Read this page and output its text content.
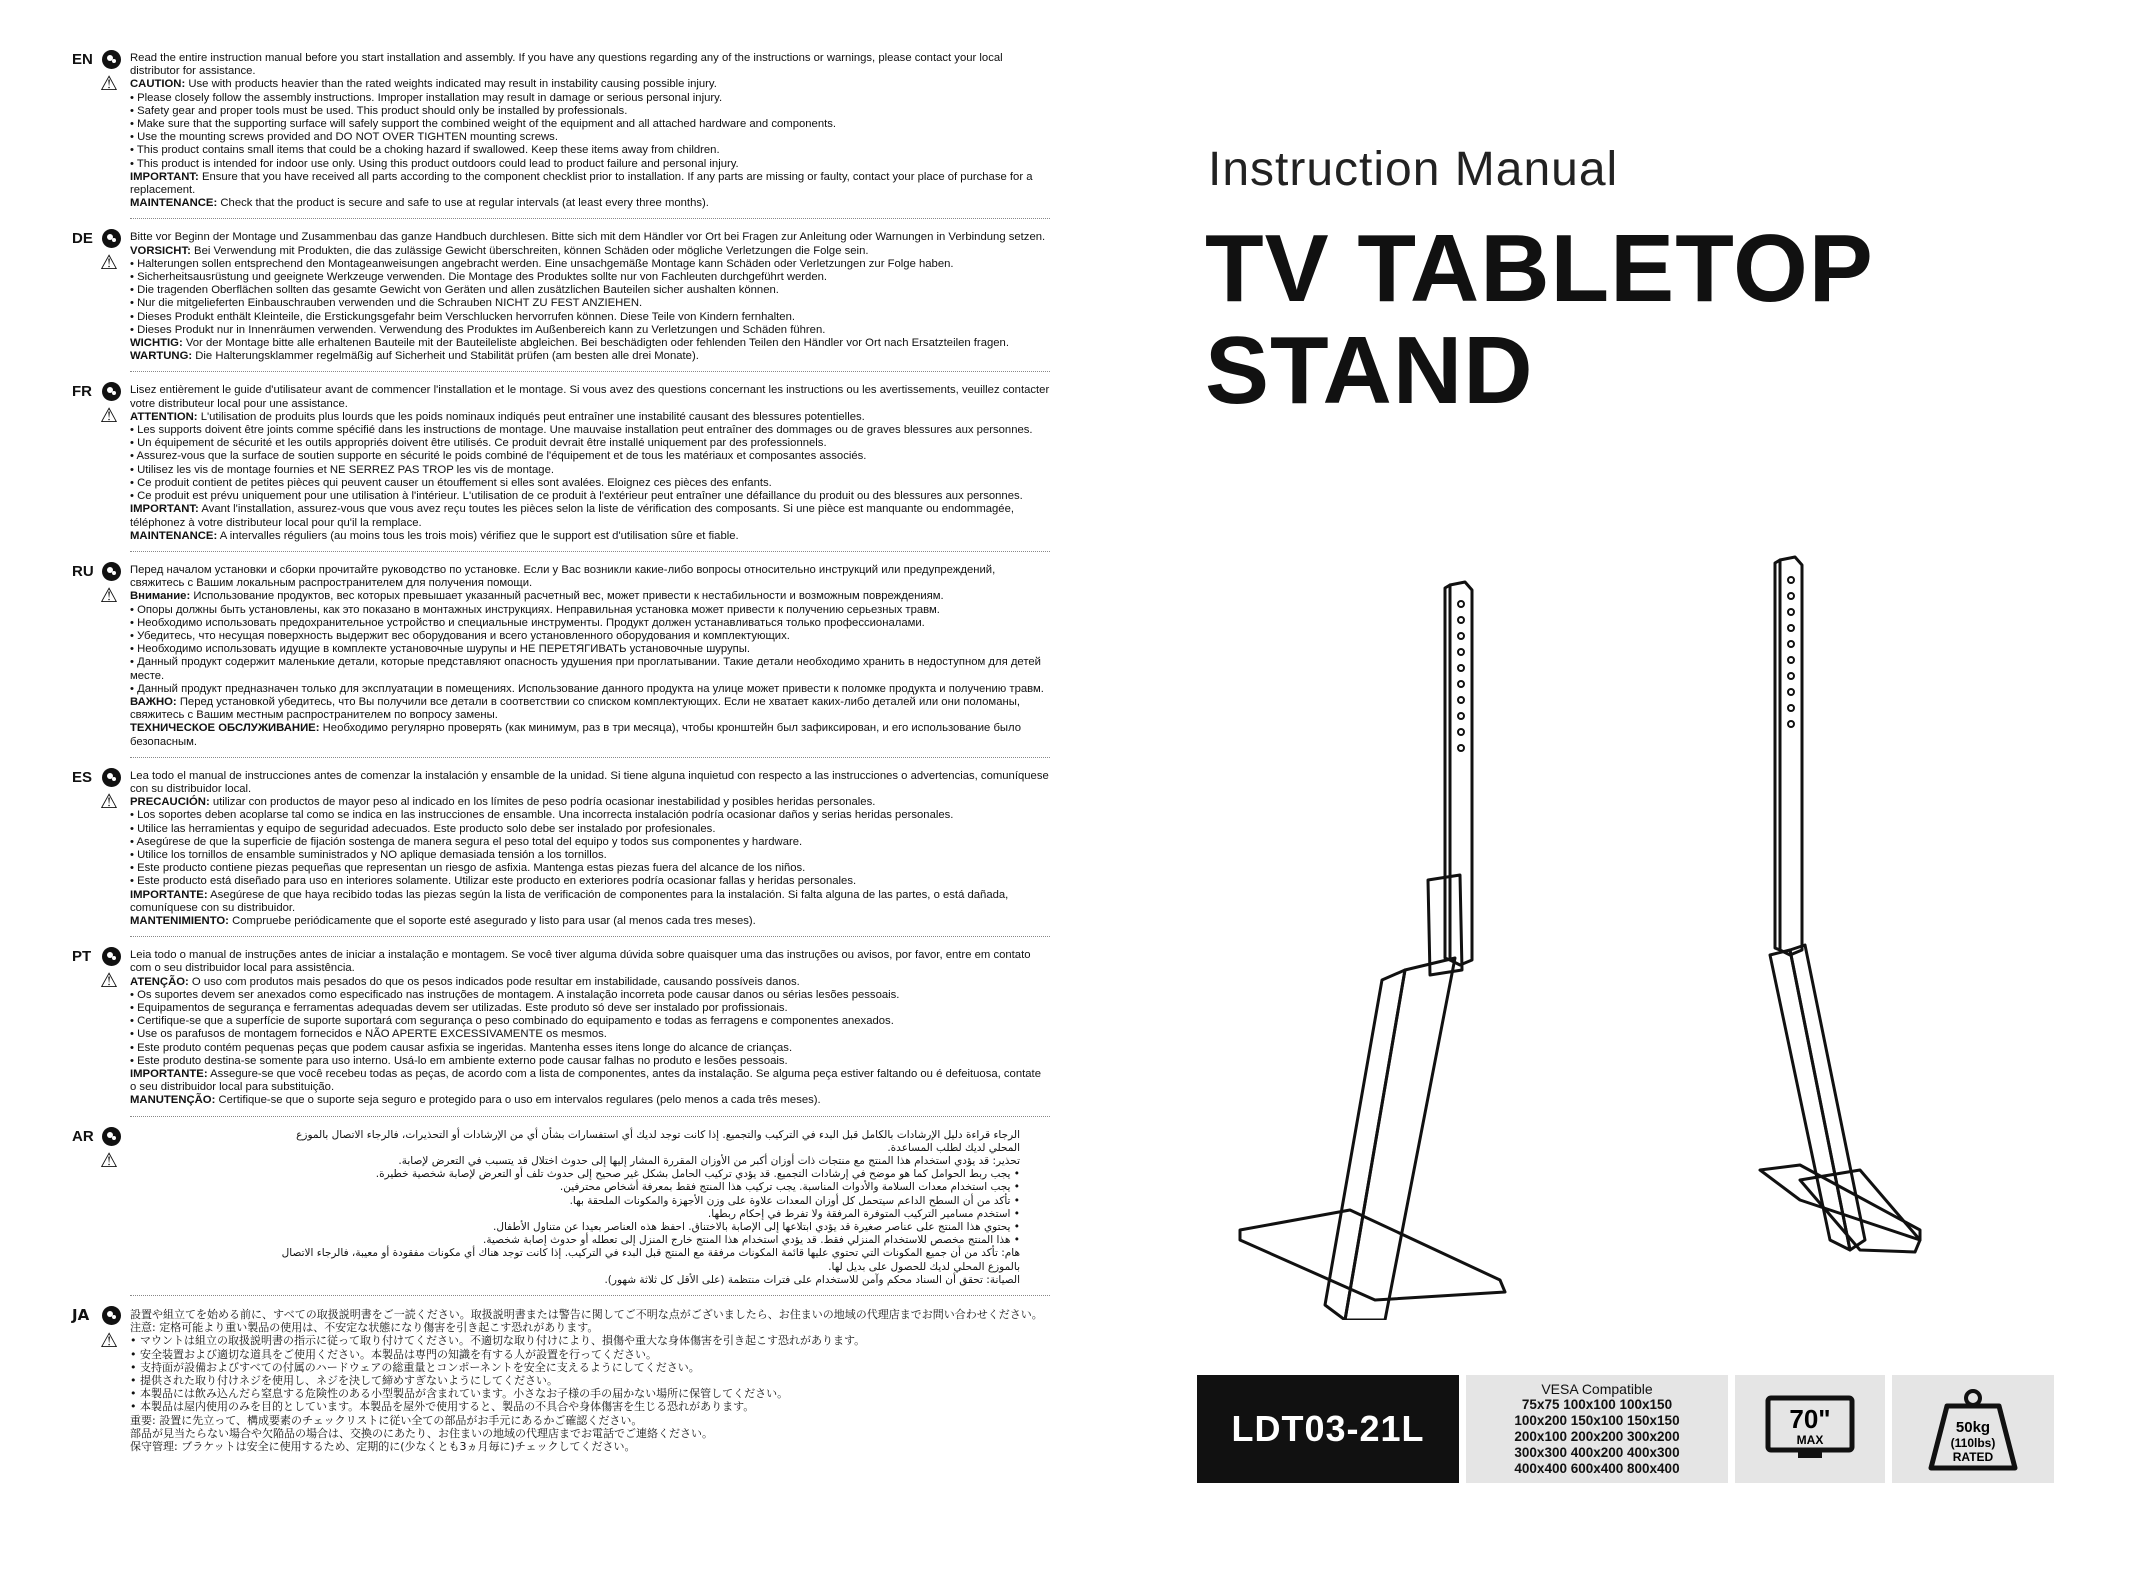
EN
⚠

Read the entire instruction manual before you start installation and assembly. If you have any questions regarding any of the instructions or warnings, please contact your local distributor for assistance.

CAUTION: Use with products heavier than the rated weights indicated may result in instability causing possible injury.

• Please closely follow the assembly instructions. Improper installation may result in damage or serious personal injury.

• Safety gear and proper tools must be used. This product should only be installed by professionals.

• Make sure that the supporting surface will safely support the combined weight of the equipment and all attached hardware and components.

• Use the mounting screws provided and DO NOT OVER TIGHTEN mounting screws.

• This product contains small items that could be a choking hazard if swallowed. Keep these items away from children.

• This product is intended for indoor use only. Using this product outdoors could lead to product failure and personal injury.

IMPORTANT: Ensure that you have received all parts according to the component checklist prior to installation. If any parts are missing or faulty, contact your place of purchase for a replacement.

MAINTENANCE: Check that the product is secure and safe to use at regular intervals (at least every three months).

DE
⚠

Bitte vor Beginn der Montage und Zusammenbau das ganze Handbuch durchlesen. Bitte sich mit dem Händler vor Ort bei Fragen zur Anleitung oder Warnungen in Verbindung setzen.

VORSICHT: Bei Verwendung mit Produkten, die das zulässige Gewicht überschreiten, können Schäden oder mögliche Verletzungen die Folge sein.

• Halterungen sollen entsprechend den Montageanweisungen angebracht werden. Eine unsachgemäße Montage kann Schäden oder Verletzungen zur Folge haben.

• Sicherheitsausrüstung und geeignete Werkzeuge verwenden. Die Montage des Produktes sollte nur von Fachleuten durchgeführt werden.

• Die tragenden Oberflächen sollten das gesamte Gewicht von Geräten und allen zusätzlichen Bauteilen sicher aushalten können.

• Nur die mitgelieferten Einbauschrauben verwenden und die Schrauben NICHT ZU FEST ANZIEHEN.

• Dieses Produkt enthält Kleinteile, die Erstickungsgefahr beim Verschlucken hervorrufen können. Diese Teile von Kindern fernhalten.

• Dieses Produkt nur in Innenräumen verwenden. Verwendung des Produktes im Außenbereich kann zu Verletzungen und Schäden führen.

WICHTIG: Vor der Montage bitte alle erhaltenen Bauteile mit der Bauteileliste abgleichen. Bei beschädigten oder fehlenden Teilen den Händler vor Ort nach Ersatzteilen fragen.

WARTUNG: Die Halterungsklammer regelmäßig auf Sicherheit und Stabilität prüfen (am besten alle drei Monate).

FR
⚠

Lisez entièrement le guide d'utilisateur avant de commencer l'installation et le montage. Si vous avez des questions concernant les instructions ou les avertissements, veuillez contacter votre distributeur local pour une assistance.

ATTENTION: L'utilisation de produits plus lourds que les poids nominaux indiqués peut entraîner une instabilité causant des blessures potentielles.

• Les supports doivent être joints comme spécifié dans les instructions de montage. Une mauvaise installation peut entraîner des dommages ou de graves blessures aux personnes.

• Un équipement de sécurité et les outils appropriés doivent être utilisés. Ce produit devrait être installé uniquement par des professionnels.

• Assurez-vous que la surface de soutien supporte en sécurité le poids combiné de l'équipement et de tous les matériaux et composantes associés.

• Utilisez les vis de montage fournies et NE SERREZ PAS TROP les vis de montage.

• Ce produit contient de petites pièces qui peuvent causer un étouffement si elles sont avalées. Eloignez ces pièces des enfants.

• Ce produit est prévu uniquement pour une utilisation à l'intérieur. L'utilisation de ce produit à l'extérieur peut entraîner une défaillance du produit ou des blessures aux personnes.

IMPORTANT: Avant l'installation, assurez-vous que vous avez reçu toutes les pièces selon la liste de vérification des composants. Si une pièce est manquante ou endommagée, téléphonez à votre distributeur local pour qu'il la remplace.

MAINTENANCE: A intervalles réguliers (au moins tous les trois mois) vérifiez que le support est d'utilisation sûre et fiable.

RU
⚠

Перед началом установки и сборки прочитайте руководство по установке. Если у Вас возникли какие-либо вопросы относительно инструкций или предупреждений, свяжитесь с Вашим локальным распространителем для получения помощи.

Внимание: Использование продуктов, вес которых превышает указанный расчетный вес, может привести к нестабильности и возможным повреждениям.

• Опоры должны быть установлены, как это показано в монтажных инструкциях. Неправильная установка может привести к получению серьезных травм.

• Необходимо использовать предохранительное устройство и специальные инструменты. Продукт должен устанавливаться только профессионалами.

• Убедитесь, что несущая поверхность выдержит вес оборудования и всего установленного оборудования и комплектующих.

• Необходимо использовать идущие в комплекте установочные шурупы и НЕ ПЕРЕТЯГИВАТЬ установочные шурупы.

• Данный продукт содержит маленькие детали, которые представляют опасность удушения при проглатывании. Такие детали необходимо хранить в недоступном для детей месте.

• Данный продукт предназначен только для эксплуатации в помещениях. Использование данного продукта на улице может привести к поломке продукта и получению травм.

ВАЖНО: Перед установкой убедитесь, что Вы получили все детали в соответствии со списком комплектующих. Если не хватает каких-либо деталей или они поломаны, свяжитесь с Вашим местным распространителем по вопросу замены.

ТЕХНИЧЕСКОЕ ОБСЛУЖИВАНИЕ: Необходимо регулярно проверять (как минимум, раз в три месяца), чтобы кронштейн был зафиксирован, и его использование было безопасным.

ES
⚠

Lea todo el manual de instrucciones antes de comenzar la instalación y ensamble de la unidad. Si tiene alguna inquietud con respecto a las instrucciones o advertencias, comuníquese con su distribuidor local.

PRECAUCIÓN: utilizar con productos de mayor peso al indicado en los límites de peso podría ocasionar inestabilidad y posibles heridas personales.

• Los soportes deben acoplarse tal como se indica en las instrucciones de ensamble. Una incorrecta instalación podría ocasionar daños y serias heridas personales.

• Utilice las herramientas y equipo de seguridad adecuados. Este producto solo debe ser instalado por profesionales.

• Asegúrese de que la superficie de fijación sostenga de manera segura el peso total del equipo y todos sus componentes y hardware.

• Utilice los tornillos de ensamble suministrados y NO aplique demasiada tensión a los tornillos.

• Este producto contiene piezas pequeñas que representan un riesgo de asfixia. Mantenga estas piezas fuera del alcance de los niños.

• Este producto está diseñado para uso en interiores solamente. Utilizar este producto en exteriores podría ocasionar fallas y heridas personales.

IMPORTANTE: Asegúrese de que haya recibido todas las piezas según la lista de verificación de componentes para la instalación. Si falta alguna de las partes, o está dañada, comuníquese con su distribuidor.

MANTENIMIENTO: Compruebe periódicamente que el soporte esté asegurado y listo para usar (al menos cada tres meses).

PT
⚠

Leia todo o manual de instruções antes de iniciar a instalação e montagem. Se você tiver alguma dúvida sobre quaisquer uma das instruções ou avisos, por favor, entre em contato com o seu distribuidor local para assistência.

ATENÇÃO: O uso com produtos mais pesados do que os pesos indicados pode resultar em instabilidade, causando possíveis danos.

• Os suportes devem ser anexados como especificado nas instruções de montagem. A instalação incorreta pode causar danos ou sérias lesões pessoais.

• Equipamentos de segurança e ferramentas adequadas devem ser utilizadas. Este produto só deve ser instalado por profissionais.

• Certifique-se que a superfície de suporte suportará com segurança o peso combinado do equipamento e todas as ferragens e componentes anexados.

• Use os parafusos de montagem fornecidos e NÃO APERTE EXCESSIVAMENTE os mesmos.

• Este produto contém pequenas peças que podem causar asfixia se ingeridas. Mantenha esses itens longe do alcance de crianças.

• Este produto destina-se somente para uso interno. Usá-lo em ambiente externo pode causar falhas no produto e lesões pessoais.

IMPORTANTE: Assegure-se que você recebeu todas as peças, de acordo com a lista de componentes, antes da instalação. Se alguma peça estiver faltando ou é defeituosa, contate o seu distribuidor local para substituição.

MANUTENÇÃO: Certifique-se que o suporte seja seguro e protegido para o uso em intervalos regulares (pelo menos a cada três meses).

AR
⚠

الرجاء قراءة دليل الإرشادات بالكامل قبل البدء في التركيب والتجميع. إذا كانت توجد لديك أي استفسارات بشأن أي من الإرشادات أو التحذيرات، فالرجاء الاتصال بالموزع المحلي لديك لطلب المساعدة.

تحذير: قد يؤدي استخدام هذا المنتج مع منتجات ذات أوزان أكبر من الأوزان المقررة المشار إليها إلى حدوث اختلال قد يتسبب في التعرض لإصابة.

• يجب ربط الحوامل كما هو موضح في إرشادات التجميع. قد يؤدي تركيب الحامل بشكل غير صحيح إلى حدوث تلف أو التعرض لإصابة شخصية خطيرة.

• يجب استخدام معدات السلامة والأدوات المناسبة. يجب تركيب هذا المنتج فقط بمعرفة أشخاص محترفين.

• تأكد من أن السطح الداعم سيتحمل كل أوزان المعدات علاوة على وزن الأجهزة والمكونات الملحقة بها.

• استخدم مسامير التركيب المتوفرة المرفقة ولا تفرط في إحكام ربطها.

• يحتوي هذا المنتج على عناصر صغيرة قد يؤدي ابتلاعها إلى الإصابة بالاختناق. احفظ هذه العناصر بعيدا عن متناول الأطفال.

• هذا المنتج مخصص للاستخدام المنزلي فقط. قد يؤدي استخدام هذا المنتج خارج المنزل إلى تعطله أو حدوث إصابة شخصية.

هام: تأكد من أن جميع المكونات التي تحتوي عليها قائمة المكونات مرفقة مع المنتج قبل البدء في التركيب. إذا كانت توجد هناك أي مكونات مفقودة أو معيبة، فالرجاء الاتصال بالموزع المحلي لديك للحصول على بديل لها.

الصيانة: تحقق أن السناد محكم وآمن للاستخدام على فترات منتظمة (على الأقل كل ثلاثة شهور).

JA
⚠

設置や組立てを始める前に、すべての取扱説明書をご一読ください。取扱説明書または警告に関してご不明な点がございましたら、お住まいの地域の代理店までお問い合わせください。

注意: 定格可能より重い製品の使用は、不安定な状態になり傷害を引き起こす恐れがあります。

• マウントは組立の取扱説明書の指示に従って取り付けてください。不適切な取り付けにより、損傷や重大な身体傷害を引き起こす恐れがあります。

• 安全装置および適切な道具をご使用ください。本製品は専門の知識を有する人が設置を行ってください。

• 支持面が設備およびすべての付属のハードウェアの総重量とコンポーネントを安全に支えるようにしてください。

• 提供された取り付けネジを使用し、ネジを決して締めすぎないようにしてください。

• 本製品には飲み込んだら窒息する危険性のある小型製品が含まれています。小さなお子様の手の届かない場所に保管してください。

• 本製品は屋内使用のみを目的としています。本製品を屋外で使用すると、製品の不具合や身体傷害を生じる恐れがあります。

重要: 設置に先立って、構成要素のチェックリストに従い全ての部品がお手元にあるかご確認ください。

部品が見当たらない場合や欠陥品の場合は、交換のにあたり、お住まいの地域の代理店までお電話でご連絡ください。

保守管理: ブラケットは安全に使用するため、定期的に(少なくとも3ヵ月毎に)チェックしてください。

Instruction Manual
TV TABLETOP
STAND
LDT03-21L
VESA Compatible
75x75 100x100 100x150
100x200 150x100 150x150
200x100 200x200 300x200
300x300 400x200 400x300
400x400 600x400 800x400
70"
MAX
50kg
(110lbs)
RATED
